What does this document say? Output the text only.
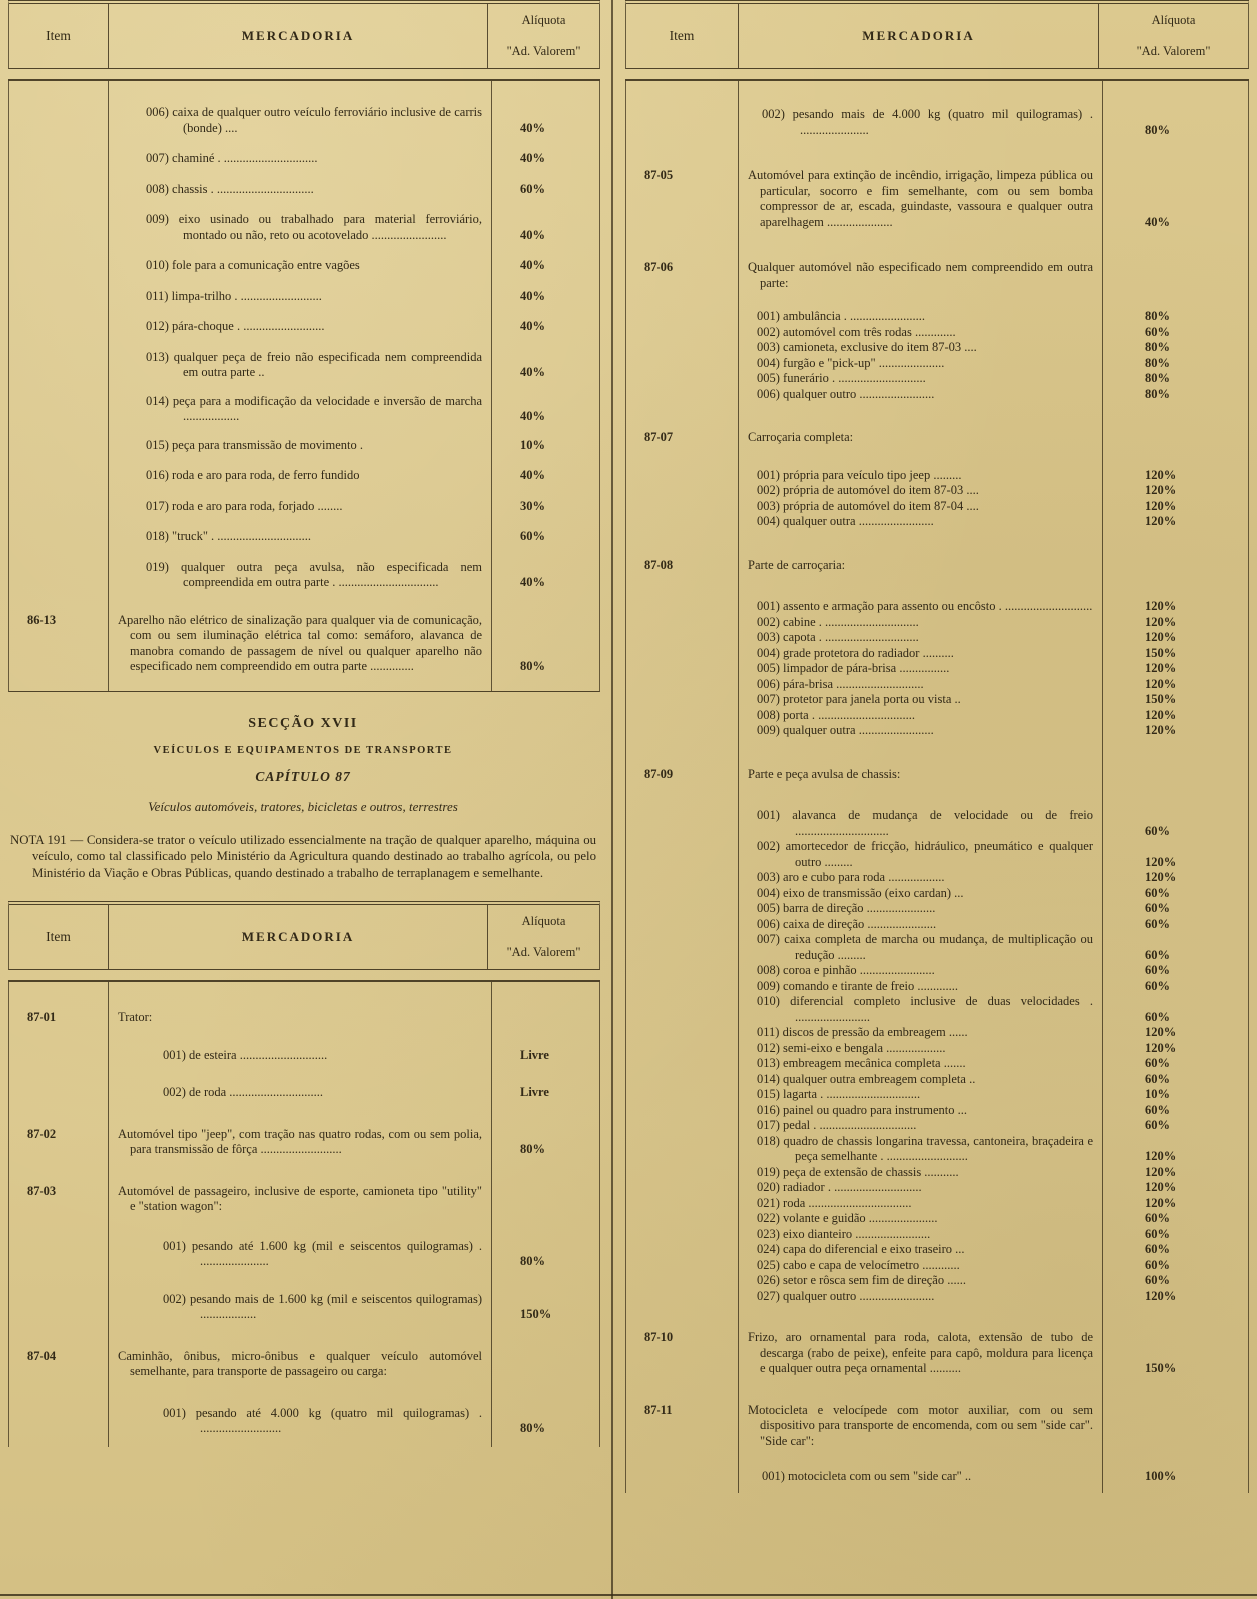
Item	MERCADORIA
Alíquota
"Ad. Valorem"
006) caixa de qualquer outro veículo ferroviário inclusive de carris (bonde) ....	40%
007) chaminé . ..............................	40%
008) chassis . ...............................	60%
009) eixo usinado ou trabalhado para material ferroviário, montado ou não, reto ou acotovelado ........................	40%
010) fole para a comunicação entre vagões	40%
011) limpa-trilho . ..........................	40%
012) pára-choque . ..........................	40%
013) qualquer peça de freio não especificada nem compreendida em outra parte ..	40%
014) peça para a modificação da velocidade e inversão de marcha ..................	40%
015) peça para transmissão de movimento .	10%
016) roda e aro para roda, de ferro fundido	40%
017) roda e aro para roda, forjado ........	30%
018) "truck" . ..............................	60%
019) qualquer outra peça avulsa, não especificada nem compreendida em outra parte . ................................	40%
86-13	Aparelho não elétrico de sinalização para qualquer via de comunicação, com ou sem iluminação elétrica tal como: semáforo, alavanca de manobra comando de passagem de nível ou qualquer aparelho não especificado nem compreendido em outra parte ..............	80%
SECÇÃO XVII
VEÍCULOS E EQUIPAMENTOS DE TRANSPORTE
CAPÍTULO 87
Veículos automóveis, tratores, bicicletas e outros, terrestres
NOTA 191 — Considera-se trator o veículo utilizado essencialmente na tração de qualquer aparelho, máquina ou veículo, como tal classificado pelo Ministério da Agricultura quando destinado ao trabalho agrícola, ou pelo Ministério da Viação e Obras Públicas, quando destinado a trabalho de terraplanagem e semelhante.
Item	MERCADORIA
Alíquota
"Ad. Valorem"
87-01	Trator:
001) de esteira ............................	Livre
002) de roda ..............................	Livre
87-02	Automóvel tipo "jeep", com tração nas quatro rodas, com ou sem polia, para transmissão de fôrça ..........................	80%
87-03	Automóvel de passageiro, inclusive de esporte, camioneta tipo "utility" e "station wagon":
001) pesando até 1.600 kg (mil e seiscentos quilogramas) . ......................	80%
002) pesando mais de 1.600 kg (mil e seiscentos quilogramas) ..................	150%
87-04	Caminhão, ônibus, micro-ônibus e qualquer veículo automóvel semelhante, para transporte de passageiro ou carga:
001) pesando até 4.000 kg (quatro mil quilogramas) . ..........................	80%
Item	MERCADORIA
Alíquota
"Ad. Valorem"
002) pesando mais de 4.000 kg (quatro mil quilogramas) . ......................	80%
87-05	Automóvel para extinção de incêndio, irrigação, limpeza pública ou particular, socorro e fim semelhante, com ou sem bomba compressor de ar, escada, guindaste, vassoura e qualquer outra aparelhagem .....................	40%
87-06	Qualquer automóvel não especificado nem compreendido em outra parte:
001) ambulância . ........................	80%
002) automóvel com três rodas .............	60%
003) camioneta, exclusive do item 87-03 ....	80%
004) furgão e "pick-up" .....................	80%
005) funerário . ............................	80%
006) qualquer outro ........................	80%
87-07	Carroçaria completa:
001) própria para veículo tipo jeep .........	120%
002) própria de automóvel do item 87-03 ....	120%
003) própria de automóvel do item 87-04 ....	120%
004) qualquer outra ........................	120%
87-08	Parte de carroçaria:
001) assento e armação para assento ou encôsto . ............................	120%
002) cabine . ..............................	120%
003) capota . ..............................	120%
004) grade protetora do radiador ..........	150%
005) limpador de pára-brisa ................	120%
006) pára-brisa ............................	120%
007) protetor para janela porta ou vista ..	150%
008) porta . ...............................	120%
009) qualquer outra ........................	120%
87-09	Parte e peça avulsa de chassis:
001) alavanca de mudança de velocidade ou de freio ..............................	60%
002) amortecedor de fricção, hidráulico, pneumático e qualquer outro .........	120%
003) aro e cubo para roda ..................	120%
004) eixo de transmissão (eixo cardan) ...	60%
005) barra de direção ......................	60%
006) caixa de direção ......................	60%
007) caixa completa de marcha ou mudança, de multiplicação ou redução .........	60%
008) coroa e pinhão ........................	60%
009) comando e tirante de freio .............	60%
010) diferencial completo inclusive de duas velocidades . ........................	60%
011) discos de pressão da embreagem ......	120%
012) semi-eixo e bengala ...................	120%
013) embreagem mecânica completa .......	60%
014) qualquer outra embreagem completa ..	60%
015) lagarta . ..............................	10%
016) painel ou quadro para instrumento ...	60%
017) pedal . ...............................	60%
018) quadro de chassis longarina travessa, cantoneira, braçadeira e peça semelhante . ..........................	120%
019) peça de extensão de chassis ...........	120%
020) radiador . ............................	120%
021) roda .................................	120%
022) volante e guidão ......................	60%
023) eixo dianteiro ........................	60%
024) capa do diferencial e eixo traseiro ...	60%
025) cabo e capa de velocímetro ............	60%
026) setor e rôsca sem fim de direção ......	60%
027) qualquer outro ........................	120%
87-10	Frizo, aro ornamental para roda, calota, extensão de tubo de descarga (rabo de peixe), enfeite para capô, moldura para licença e qualquer outra peça ornamental ..........	150%
87-11	Motocicleta e velocípede com motor auxiliar, com ou sem dispositivo para transporte de encomenda, com ou sem "side car". "Side car":
001) motocicleta com ou sem "side car" ..	100%
